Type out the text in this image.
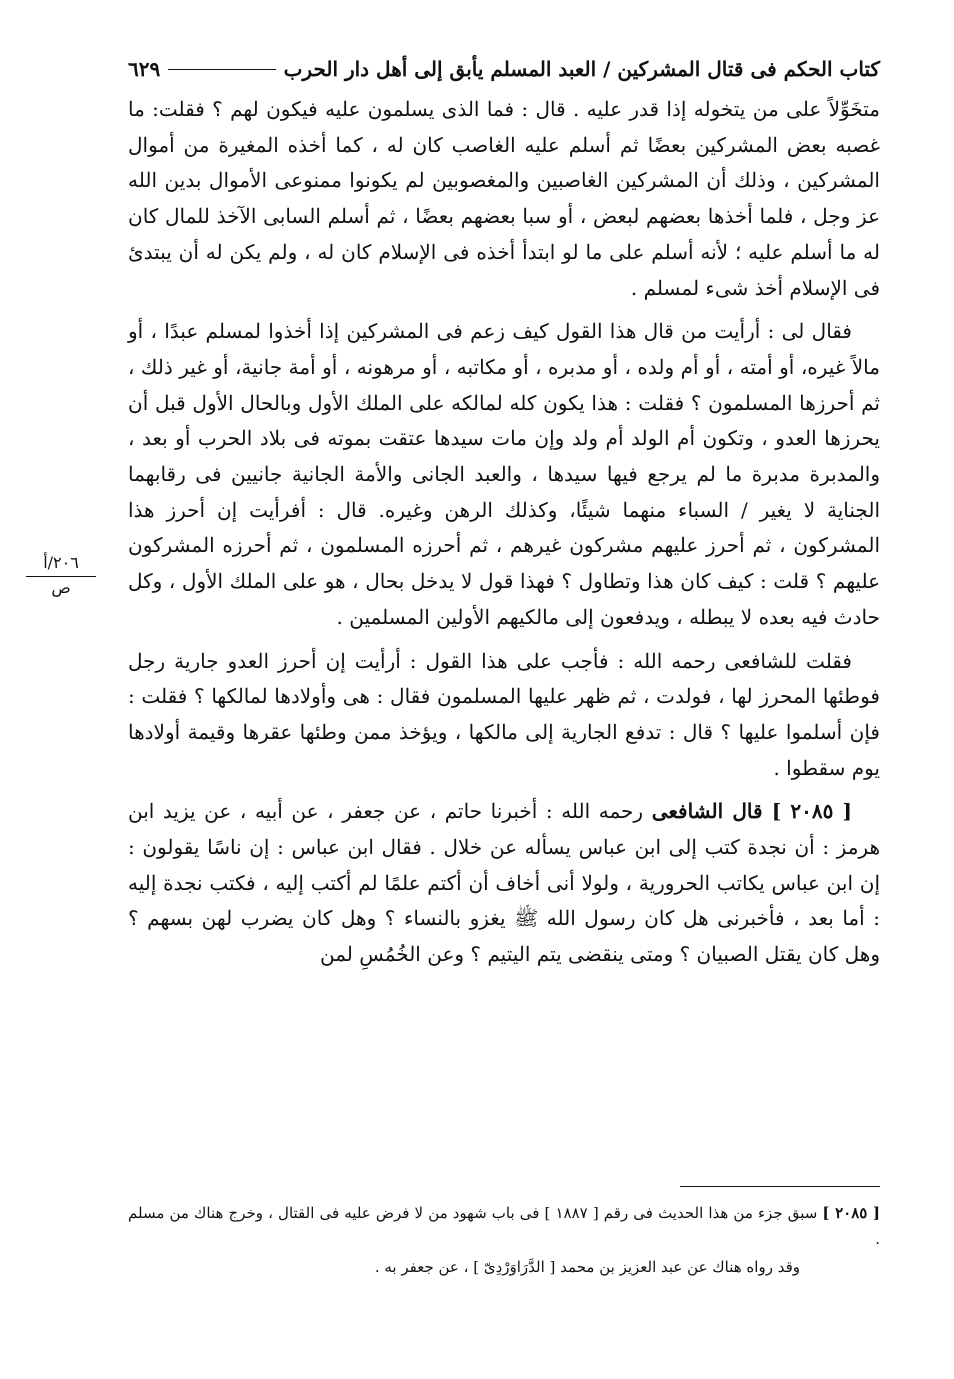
كتاب الحكم فى قتال المشركين / العبد المسلم يأبق إلى أهل دار الحرب
٦٢٩
٢٠٦/أ
ص

متخَوِّلاً على من يتخوله إذا قدر عليه . قال : فما الذى يسلمون عليه فيكون لهم ؟ فقلت: ما غصبه بعض المشركين بعضًا ثم أسلم عليه الغاصب كان له ، كما أخذه المغيرة من أموال المشركين ، وذلك أن المشركين الغاصبين والمغصوبين لم يكونوا ممنوعى الأموال بدين الله عز وجل ، فلما أخذها بعضهم لبعض ، أو سبا بعضهم بعضًا ، ثم أسلم السابى الآخذ للمال كان له ما أسلم عليه ؛ لأنه أسلم على ما لو ابتدأ أخذه فى الإسلام كان له ، ولم يكن له أن يبتدئ فى الإسلام أخذ شىء لمسلم .

فقال لى : أرأيت من قال هذا القول كيف زعم فى المشركين إذا أخذوا لمسلم عبدًا ، أو مالاً غيره، أو أمته ، أو أم ولده ، أو مدبره ، أو مكاتبه ، أو مرهونه ، أو أمة جانية، أو غير ذلك ، ثم أحرزها المسلمون ؟ فقلت : هذا يكون كله لمالكه على الملك الأول وبالحال الأول قبل أن يحرزها العدو ، وتكون أم الولد أم ولد وإن مات سيدها عتقت بموته فى بلاد الحرب أو بعد ، والمدبرة مدبرة ما لم يرجع فيها سيدها ، والعبد الجانى والأمة الجانية جانيين فى رقابهما الجناية لا يغير / السباء منهما شيئًا، وكذلك الرهن وغيره. قال : أفرأيت إن أحرز هذا المشركون ، ثم أحرز عليهم مشركون غيرهم ، ثم أحرزه المسلمون ، ثم أحرزه المشركون عليهم ؟ قلت : كيف كان هذا وتطاول ؟ فهذا قول لا يدخل بحال ، هو على الملك الأول ، وكل حادث فيه بعده لا يبطله ، ويدفعون إلى مالكيهم الأولين المسلمين .

فقلت للشافعى رحمه الله : فأجب على هذا القول : أرأيت إن أحرز العدو جارية رجل فوطئها المحرز لها ، فولدت ، ثم ظهر عليها المسلمون فقال : هى وأولادها لمالكها ؟ فقلت : فإن أسلموا عليها ؟ قال : تدفع الجارية إلى مالكها ، ويؤخذ ممن وطئها عقرها وقيمة أولادها يوم سقطوا .

[ ٢٠٨٥ ] قال الشافعى رحمه الله : أخبرنا حاتم ، عن جعفر ، عن أبيه ، عن يزيد ابن هرمز : أن نجدة كتب إلى ابن عباس يسأله عن خلال . فقال ابن عباس : إن ناسًا يقولون : إن ابن عباس يكاتب الحرورية ، ولولا أنى أخاف أن أكتم علمًا لم أكتب إليه ، فكتب نجدة إليه : أما بعد ، فأخبرنى هل كان رسول الله ﷺ يغزو بالنساء ؟ وهل كان يضرب لهن بسهم ؟ وهل كان يقتل الصبيان ؟ ومتى ينقضى يتم اليتيم ؟ وعن الخُمُسِ لمن

[ ٢٠٨٥ ] سبق جزء من هذا الحديث فى رقم [ ١٨٨٧ ] فى باب شهود من لا فرض عليه فى القتال ، وخرج هناك من مسلم .

وقد رواه هناك عن عبد العزيز بن محمد [ الدَّرَاوَرْدِىّ ] ، عن جعفر به .
